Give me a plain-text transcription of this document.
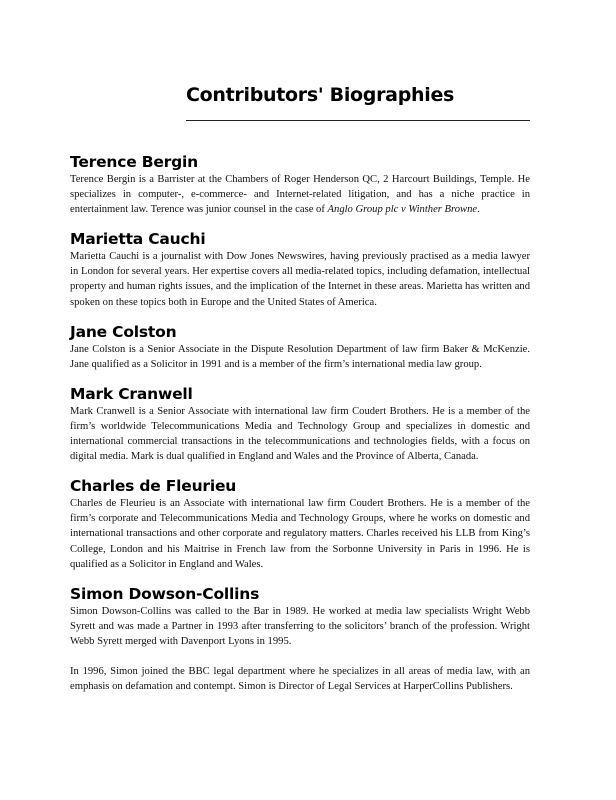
Contributors' Biographies
Terence Bergin

Terence Bergin is a Barrister at the Chambers of Roger Henderson QC, 2 Harcourt Buildings, Temple. He specializes in computer-, e-commerce- and Internet-related litigation, and has a niche practice in entertainment law. Terence was junior counsel in the case of Anglo Group plc v Winther Browne.

Marietta Cauchi

Marietta Cauchi is a journalist with Dow Jones Newswires, having previously practised as a media lawyer in London for several years. Her expertise covers all media-related topics, including defamation, intellectual property and human rights issues, and the implication of the Internet in these areas. Marietta has written and spoken on these topics both in Europe and the United States of America.

Jane Colston

Jane Colston is a Senior Associate in the Dispute Resolution Department of law firm Baker & McKenzie. Jane qualified as a Solicitor in 1991 and is a member of the firm’s international media law group.

Mark Cranwell

Mark Cranwell is a Senior Associate with international law firm Coudert Brothers. He is a member of the firm’s worldwide Telecommunications Media and Technology Group and specializes in domestic and international commercial transactions in the telecommunications and technologies fields, with a focus on digital media. Mark is dual qualified in England and Wales and the Province of Alberta, Canada.

Charles de Fleurieu

Charles de Fleurieu is an Associate with international law firm Coudert Brothers. He is a member of the firm’s corporate and Telecommunications Media and Technology Groups, where he works on domestic and international transactions and other corporate and regulatory matters. Charles received his LLB from King’s College, London and his Maitrise in French law from the Sorbonne University in Paris in 1996. He is qualified as a Solicitor in England and Wales.

Simon Dowson-Collins

Simon Dowson-Collins was called to the Bar in 1989. He worked at media law specialists Wright Webb Syrett and was made a Partner in 1993 after transferring to the solicitors’ branch of the profession. Wright Webb Syrett merged with Davenport Lyons in 1995.

In 1996, Simon joined the BBC legal department where he specializes in all areas of media law, with an emphasis on defamation and contempt. Simon is Director of Legal Services at HarperCollins Publishers.
